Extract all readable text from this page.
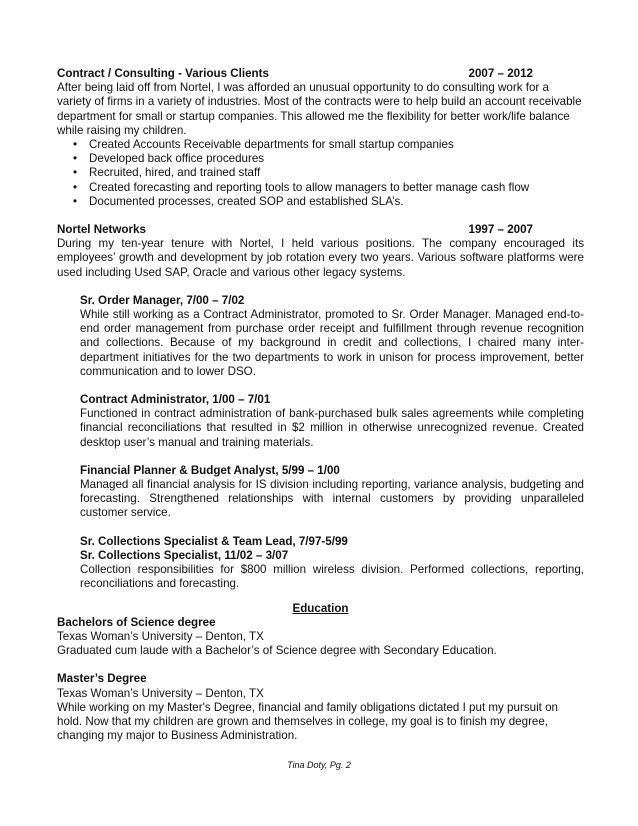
Contract / Consulting - Various Clients	2007 – 2012

After being laid off from Nortel, I was afforded an unusual opportunity to do consulting work for a variety of firms in a variety of industries. Most of the contracts were to help build an account receivable department for small or startup companies. This allowed me the flexibility for better work/life balance while raising my children.

• Created Accounts Receivable departments for small startup companies
• Developed back office procedures
• Recruited, hired, and trained staff
• Created forecasting and reporting tools to allow managers to better manage cash flow
• Documented processes, created SOP and established SLA’s.
Nortel Networks	1997 – 2007

During my ten-year tenure with Nortel, I held various positions. The company encouraged its employees’ growth and development by job rotation every two years. Various software platforms were used including Used SAP, Oracle and various other legacy systems.

Sr. Order Manager, 7/00 – 7/02

While still working as a Contract Administrator, promoted to Sr. Order Manager. Managed end-to-end order management from purchase order receipt and fulfillment through revenue recognition and collections. Because of my background in credit and collections, I chaired many inter-department initiatives for the two departments to work in unison for process improvement, better communication and to lower DSO.

Contract Administrator, 1/00 – 7/01

Functioned in contract administration of bank-purchased bulk sales agreements while completing financial reconciliations that resulted in $2 million in otherwise unrecognized revenue. Created desktop user’s manual and training materials.

Financial Planner & Budget Analyst, 5/99 – 1/00

Managed all financial analysis for IS division including reporting, variance analysis, budgeting and forecasting. Strengthened relationships with internal customers by providing unparalleled customer service.

Sr. Collections Specialist & Team Lead, 7/97-5/99

Sr. Collections Specialist, 11/02 – 3/07

Collection responsibilities for $800 million wireless division. Performed collections, reporting, reconciliations and forecasting.

Education

Bachelors of Science degree

Texas Woman’s University – Denton, TX

Graduated cum laude with a Bachelor’s of Science degree with Secondary Education.

Master’s Degree

Texas Woman’s University – Denton, TX

While working on my Master's Degree, financial and family obligations dictated I put my pursuit on hold. Now that my children are grown and themselves in college, my goal is to finish my degree, changing my major to Business Administration.

Tina Doty, Pg. 2
